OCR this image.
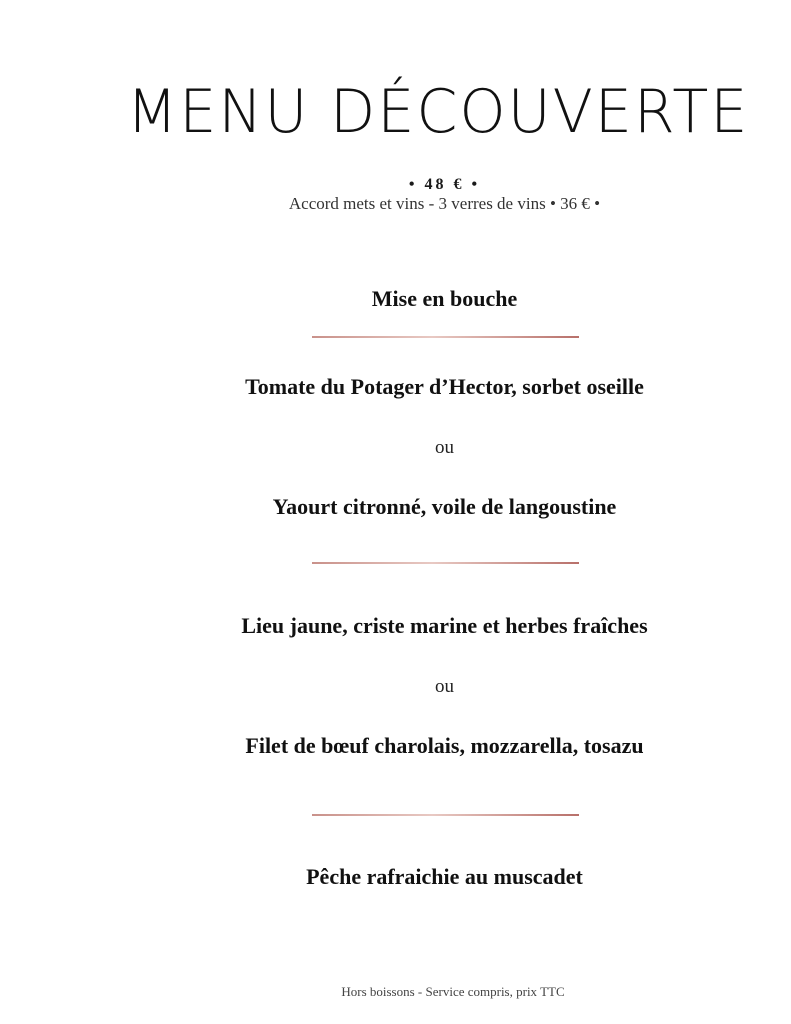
MENU DÉCOUVERTE
• 48 € •
Accord mets et vins - 3 verres de vins • 36 € •
Mise en bouche
Tomate du Potager d’Hector, sorbet oseille
ou
Yaourt citronné, voile de langoustine
Lieu jaune, criste marine et herbes fraîches
ou
Filet de bœuf charolais, mozzarella, tosazu
Pêche rafraichie au muscadet
Hors boissons - Service compris, prix TTC
